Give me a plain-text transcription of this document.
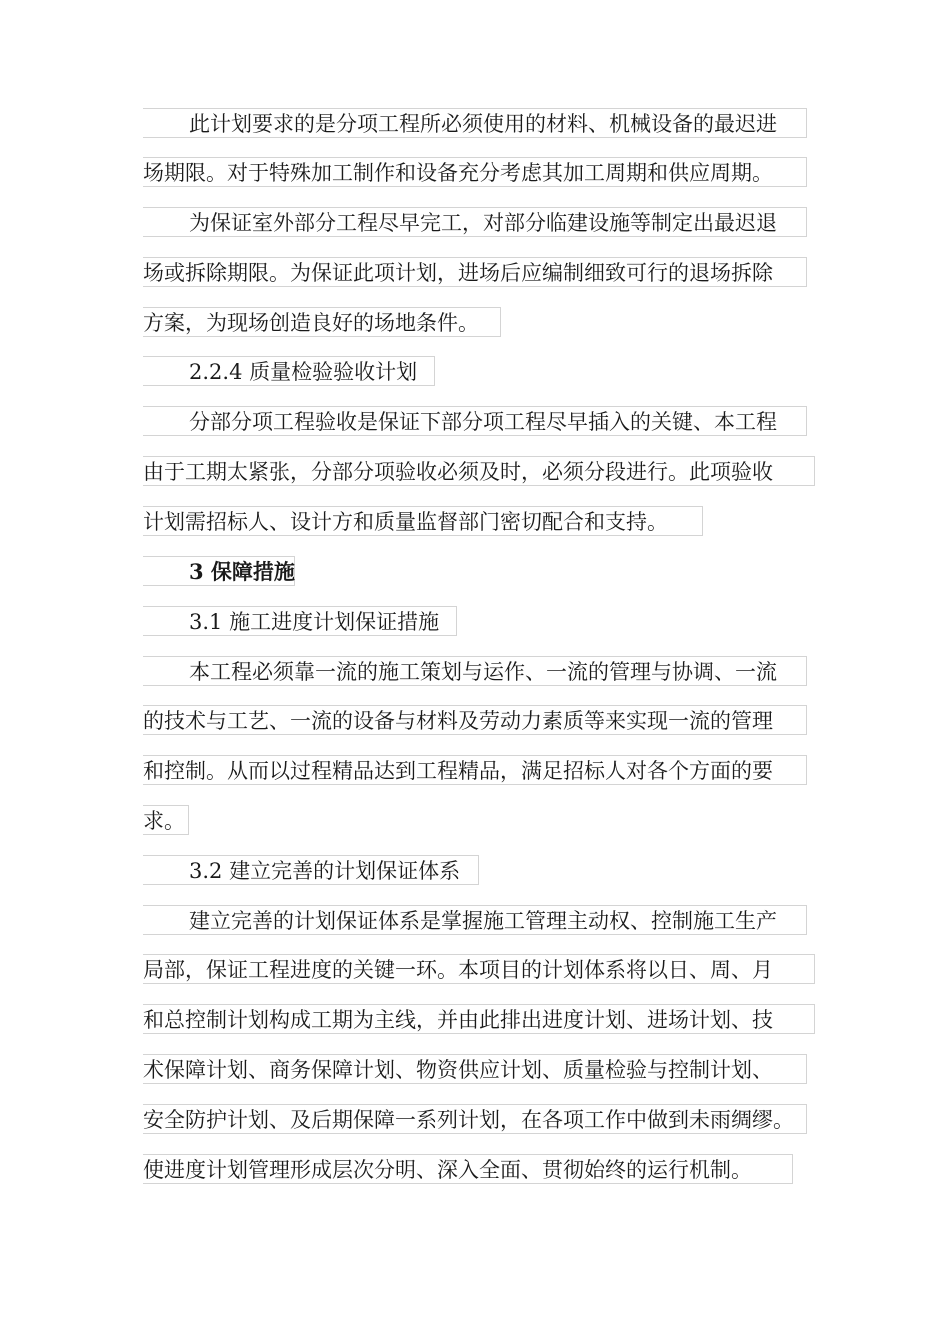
此计划要求的是分项工程所必须使用的材料、机械设备的最迟进
场期限。对于特殊加工制作和设备充分考虑其加工周期和供应周期。
为保证室外部分工程尽早完工，对部分临建设施等制定出最迟退
场或拆除期限。为保证此项计划，进场后应编制细致可行的退场拆除
方案，为现场创造良好的场地条件。
2.2.4 质量检验验收计划
分部分项工程验收是保证下部分项工程尽早插入的关键、本工程
由于工期太紧张，分部分项验收必须及时，必须分段进行。此项验收
计划需招标人、设计方和质量监督部门密切配合和支持。
3 保障措施
3.1 施工进度计划保证措施
本工程必须靠一流的施工策划与运作、一流的管理与协调、一流
的技术与工艺、一流的设备与材料及劳动力素质等来实现一流的管理
和控制。从而以过程精品达到工程精品，满足招标人对各个方面的要
求。
3.2 建立完善的计划保证体系
建立完善的计划保证体系是掌握施工管理主动权、控制施工生产
局部，保证工程进度的关键一环。本项目的计划体系将以日、周、月
和总控制计划构成工期为主线，并由此排出进度计划、进场计划、技
术保障计划、商务保障计划、物资供应计划、质量检验与控制计划、
安全防护计划、及后期保障一系列计划，在各项工作中做到未雨绸缪。
使进度计划管理形成层次分明、深入全面、贯彻始终的运行机制。
